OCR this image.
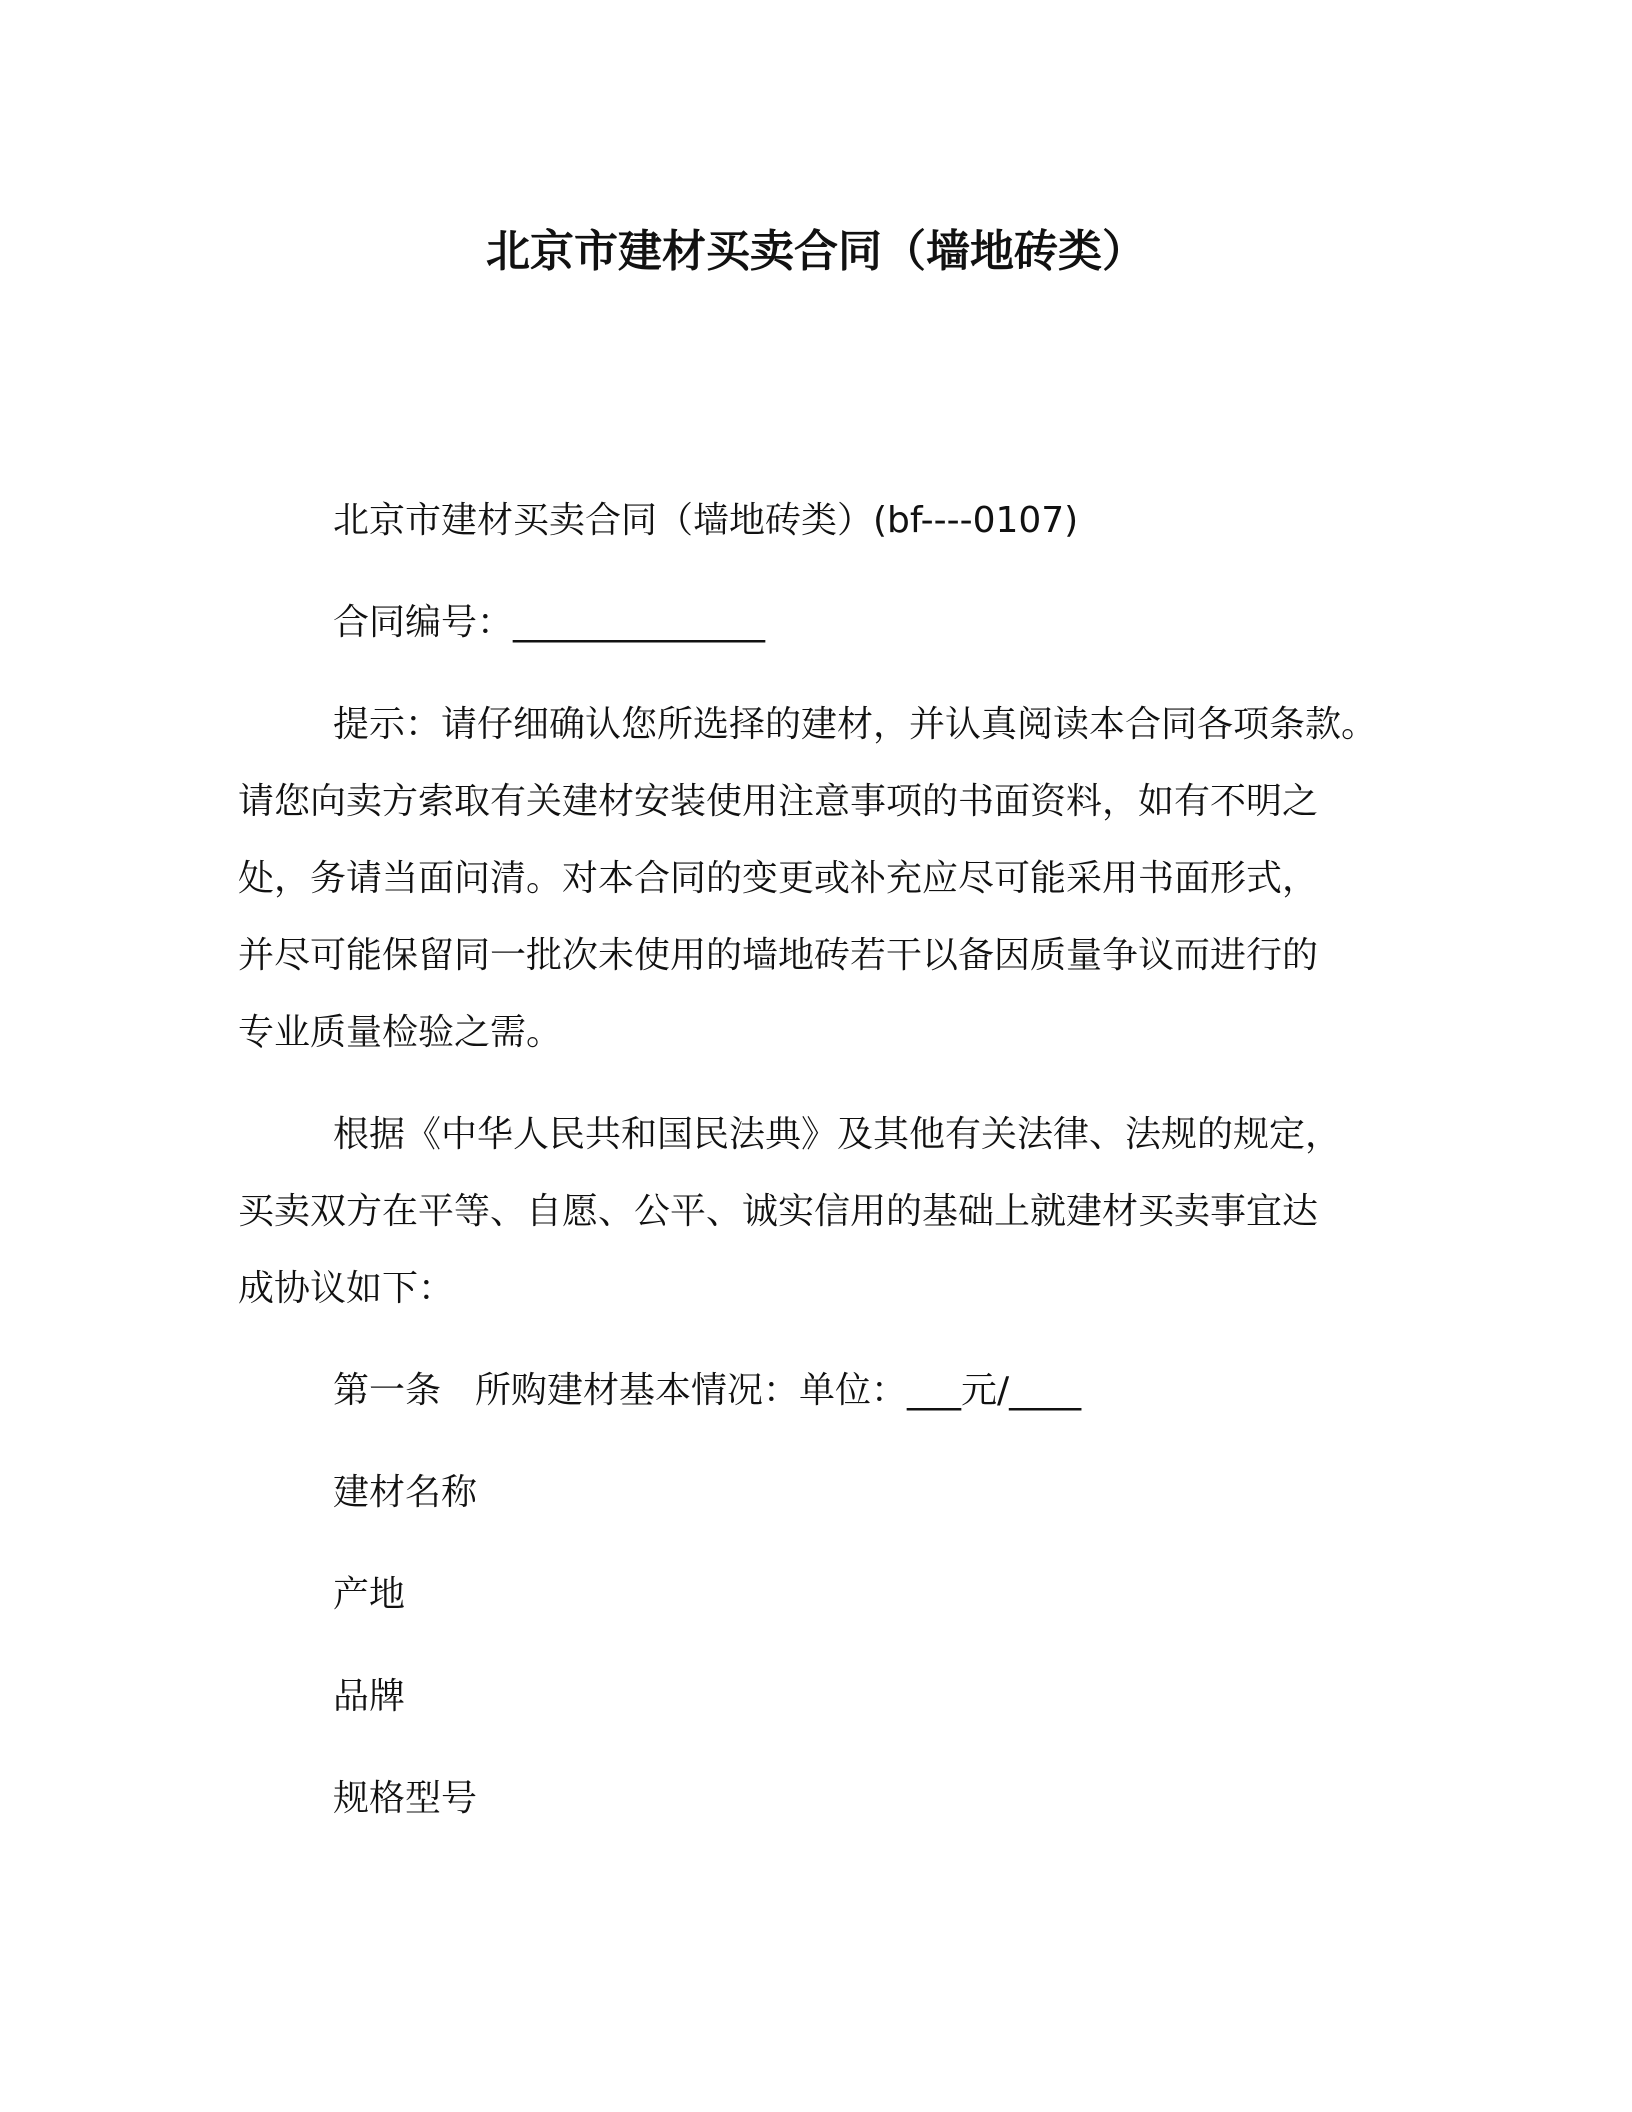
北京市建材买卖合同（墙地砖类）
北京市建材买卖合同（墙地砖类）(bf----0107)
合同编号：______________
提示：请仔细确认您所选择的建材，并认真阅读本合同各项条款。
请您向卖方索取有关建材安装使用注意事项的书面资料，如有不明之
处，务请当面问清。对本合同的变更或补充应尽可能采用书面形式，
并尽可能保留同一批次未使用的墙地砖若干以备因质量争议而进行的
专业质量检验之需。
根据《中华人民共和国民法典》及其他有关法律、法规的规定，
买卖双方在平等、自愿、公平、诚实信用的基础上就建材买卖事宜达
成协议如下：
第一条 所购建材基本情况：单位：___元/____
建材名称
产地
品牌
规格型号
